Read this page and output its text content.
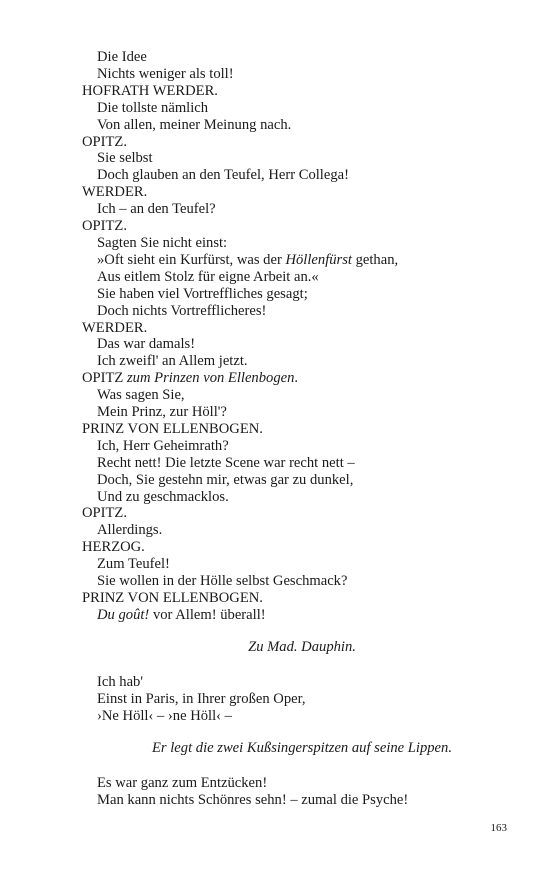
Die Idee
Nichts weniger als toll!
HOFRATH WERDER.
Die tollste nämlich
Von allen, meiner Meinung nach.
OPITZ.
Sie selbst
Doch glauben an den Teufel, Herr Collega!
WERDER.
Ich – an den Teufel?
OPITZ.
Sagten Sie nicht einst:
»Oft sieht ein Kurfürst, was der Höllenfürst gethan,
Aus eitlem Stolz für eigne Arbeit an.«
Sie haben viel Vortreffliches gesagt;
Doch nichts Vortrefflicheres!
WERDER.
Das war damals!
Ich zweifl' an Allem jetzt.
OPITZ zum Prinzen von Ellenbogen.
Was sagen Sie,
Mein Prinz, zur Höll'?
PRINZ VON ELLENBOGEN.
Ich, Herr Geheimrath?
Recht nett! Die letzte Scene war recht nett –
Doch, Sie gestehn mir, etwas gar zu dunkel,
Und zu geschmacklos.
OPITZ.
Allerdings.
HERZOG.
Zum Teufel!
Sie wollen in der Hölle selbst Geschmack?
PRINZ VON ELLENBOGEN.
Du goût! vor Allem! überall!
Zu Mad. Dauphin.
Ich hab'
Einst in Paris, in Ihrer großen Oper,
›Ne Höll‹ – ›ne Höll‹ –
Er legt die zwei Kußsingerspitzen auf seine Lippen.
Es war ganz zum Entzücken!
Man kann nichts Schönres sehn! – zumal die Psyche!
163
